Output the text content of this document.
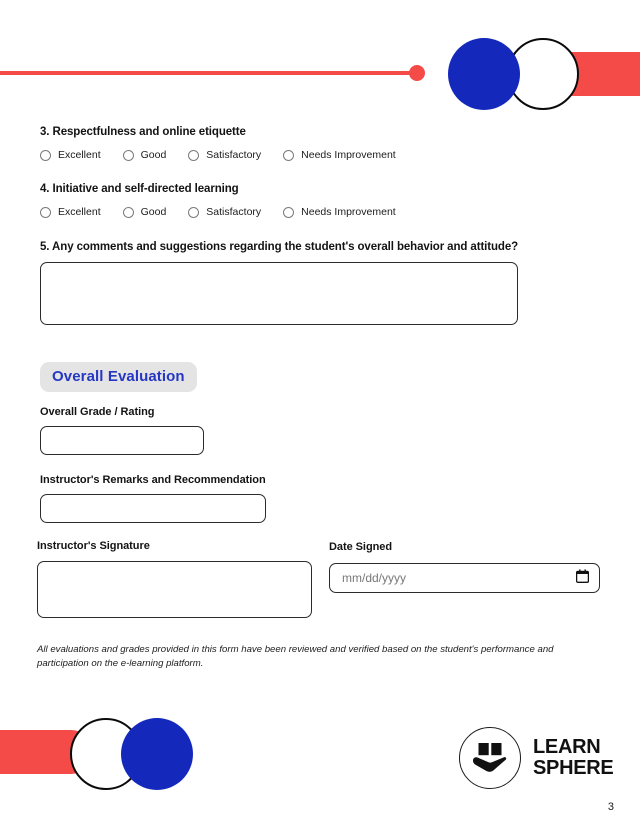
3. Respectfulness and online etiquette
Excellent	Good	Satisfactory	Needs Improvement
4. Initiative and self-directed learning
Excellent	Good	Satisfactory	Needs Improvement
5. Any comments and suggestions regarding the student's overall behavior and attitude?
Overall Evaluation
Overall Grade / Rating
Instructor's Remarks and Recommendation
Instructor's Signature	Date Signed
mm/dd/yyyy
All evaluations and grades provided in this form have been reviewed and verified based on the student's performance and participation on the e-learning platform.
LEARN
SPHERE
3
